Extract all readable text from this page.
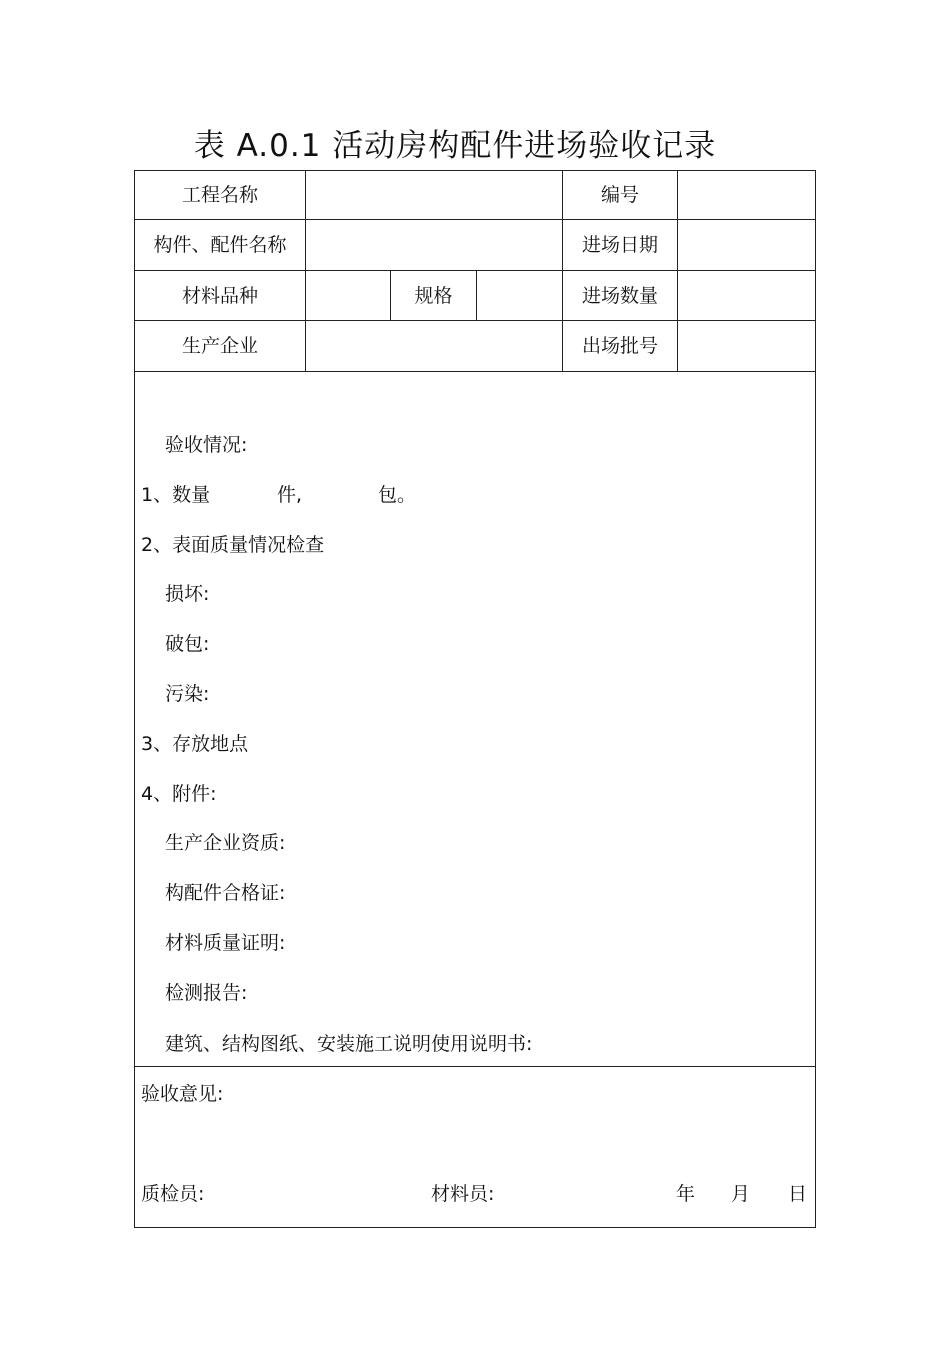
表 A.0.1 活动房构配件进场验收记录
工程名称	编号
构件、配件名称	进场日期
材料品种	规格	进场数量
生产企业	出场批号
验收情况:
1、数量	件,	包。
2、表面质量情况检查
损坏:
破包:
污染:
3、存放地点
4、附件:
生产企业资质:
构配件合格证:
材料质量证明:
检测报告:
建筑、结构图纸、安装施工说明使用说明书:
验收意见:
质检员:	材料员:	年 月 日
